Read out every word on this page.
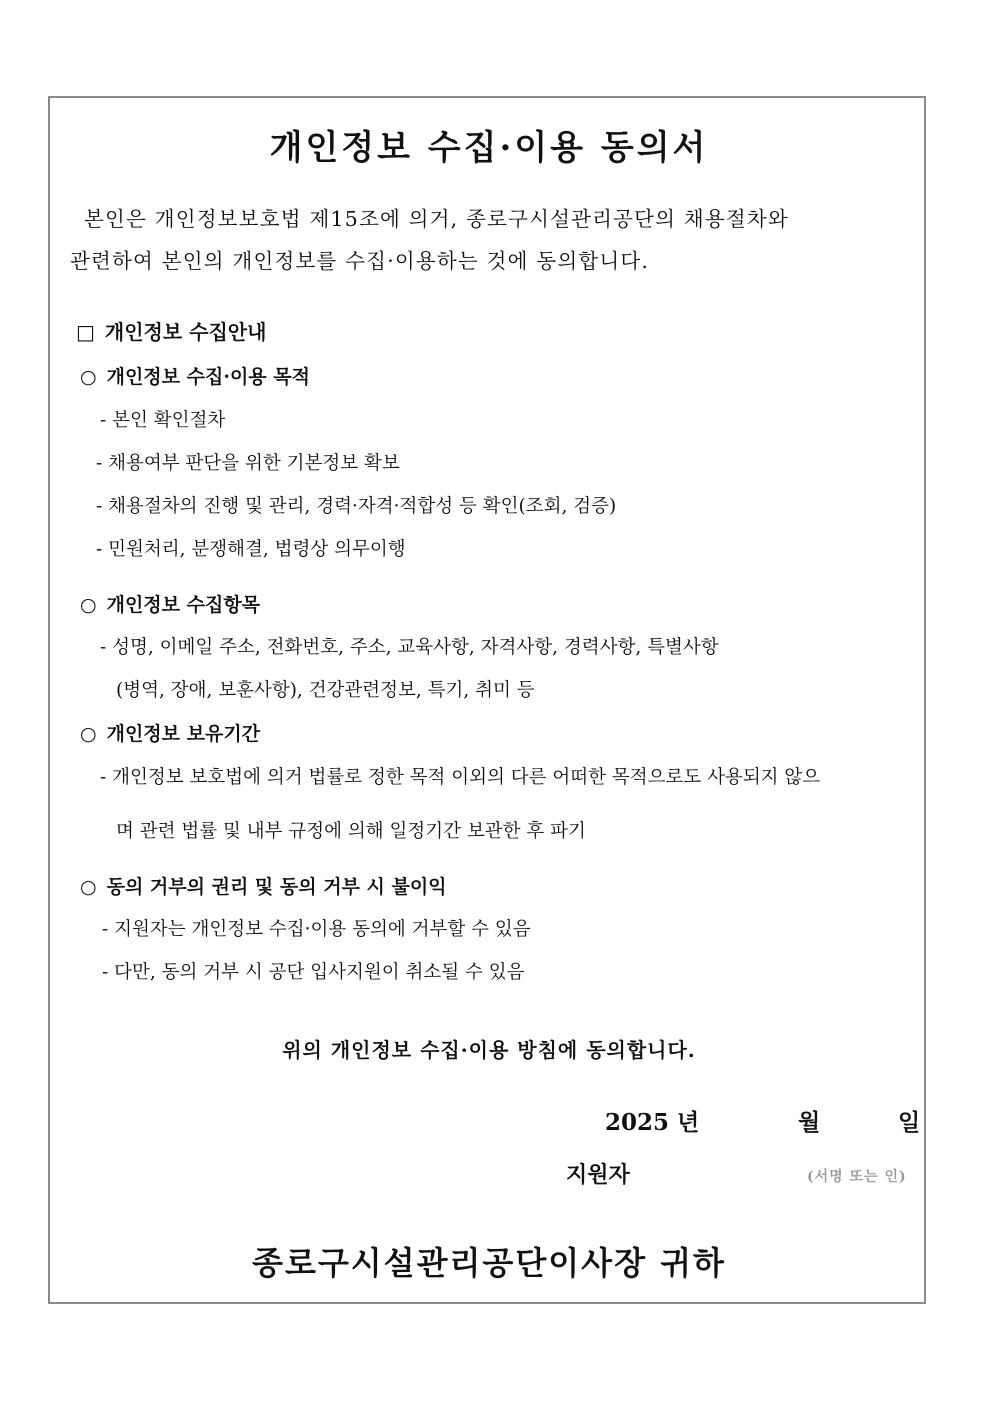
개인정보 수집·이용 동의서
본인은 개인정보보호법 제15조에 의거, 종로구시설관리공단의 채용절차와
관련하여 본인의 개인정보를 수집·이용하는 것에 동의합니다.
□ 개인정보 수집안내
○ 개인정보 수집·이용 목적
- 본인 확인절차
- 채용여부 판단을 위한 기본정보 확보
- 채용절차의 진행 및 관리, 경력·자격·적합성 등 확인(조회, 검증)
- 민원처리, 분쟁해결, 법령상 의무이행
○ 개인정보 수집항목
- 성명, 이메일 주소, 전화번호, 주소, 교육사항, 자격사항, 경력사항, 특별사항
(병역, 장애, 보훈사항), 건강관련정보, 특기, 취미 등
○ 개인정보 보유기간
- 개인정보 보호법에 의거 법률로 정한 목적 이외의 다른 어떠한 목적으로도 사용되지 않으
며 관련 법률 및 내부 규정에 의해 일정기간 보관한 후 파기
○ 동의 거부의 권리 및 동의 거부 시 불이익
- 지원자는 개인정보 수집·이용 동의에 거부할 수 있음
- 다만, 동의 거부 시 공단 입사지원이 취소될 수 있음
위의 개인정보 수집·이용 방침에 동의합니다.
2025 년	월	일
지원자	(서명 또는 인)
종로구시설관리공단이사장 귀하
